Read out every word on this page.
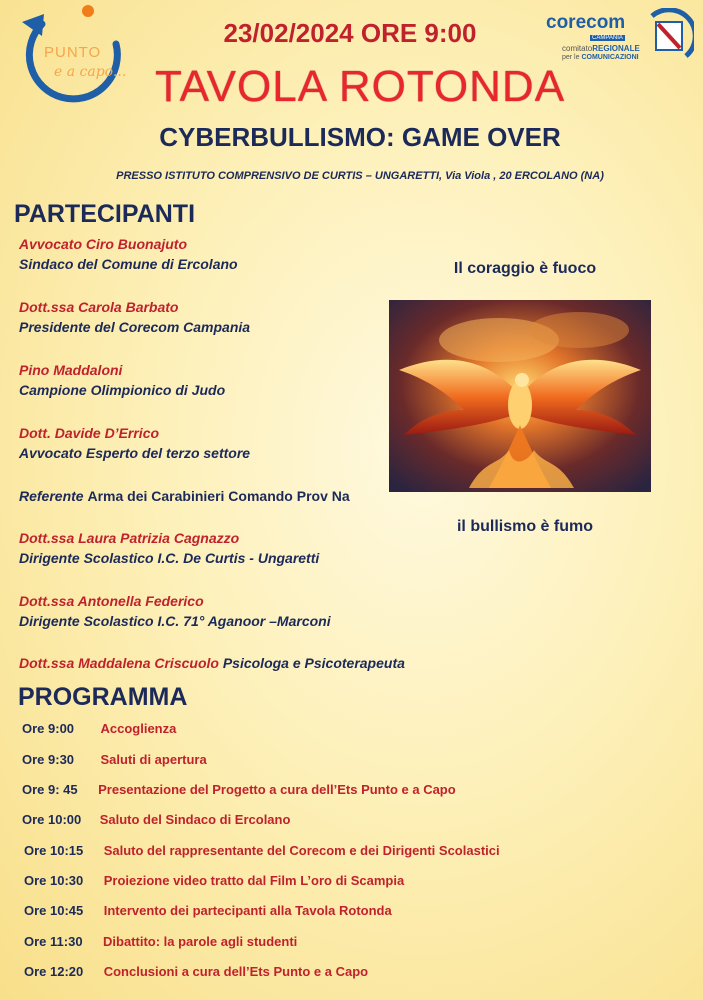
PUNTO
e a capo...
corecom
CAMPANIA
comitatoREGIONALE
per le COMUNICAZIONI
23/02/2024 ORE 9:00
TAVOLA ROTONDA
CYBERBULLISMO: GAME OVER
PRESSO ISTITUTO COMPRENSIVO DE CURTIS – UNGARETTI, Via Viola , 20 ERCOLANO (NA)
PARTECIPANTI
Avvocato Ciro Buonajuto
Sindaco del Comune di Ercolano
Dott.ssa Carola Barbato
Presidente del Corecom Campania
Pino Maddaloni
Campione Olimpionico di Judo
Dott. Davide D’Errico
Avvocato Esperto del terzo settore
Referente Arma dei Carabinieri Comando Prov Na
Dott.ssa Laura Patrizia Cagnazzo
Dirigente Scolastico I.C. De Curtis - Ungaretti
Dott.ssa Antonella Federico
Dirigente Scolastico I.C. 71° Aganoor –Marconi
Dott.ssa Maddalena Criscuolo Psicologa e Psicoterapeuta
Il coraggio è fuoco
il bullismo è fumo
PROGRAMMA
Ore 9:00 Accoglienza
Ore 9:30 Saluti di apertura
Ore 9: 45 Presentazione del Progetto a cura dell’Ets Punto e a Capo
Ore 10:00 Saluto del Sindaco di Ercolano
Ore 10:15 Saluto del rappresentante del Corecom e dei Dirigenti Scolastici
Ore 10:30 Proiezione video tratto dal Film L’oro di Scampia
Ore 10:45 Intervento dei partecipanti alla Tavola Rotonda
Ore 11:30 Dibattito: la parole agli studenti
Ore 12:20 Conclusioni a cura dell’Ets Punto e a Capo
